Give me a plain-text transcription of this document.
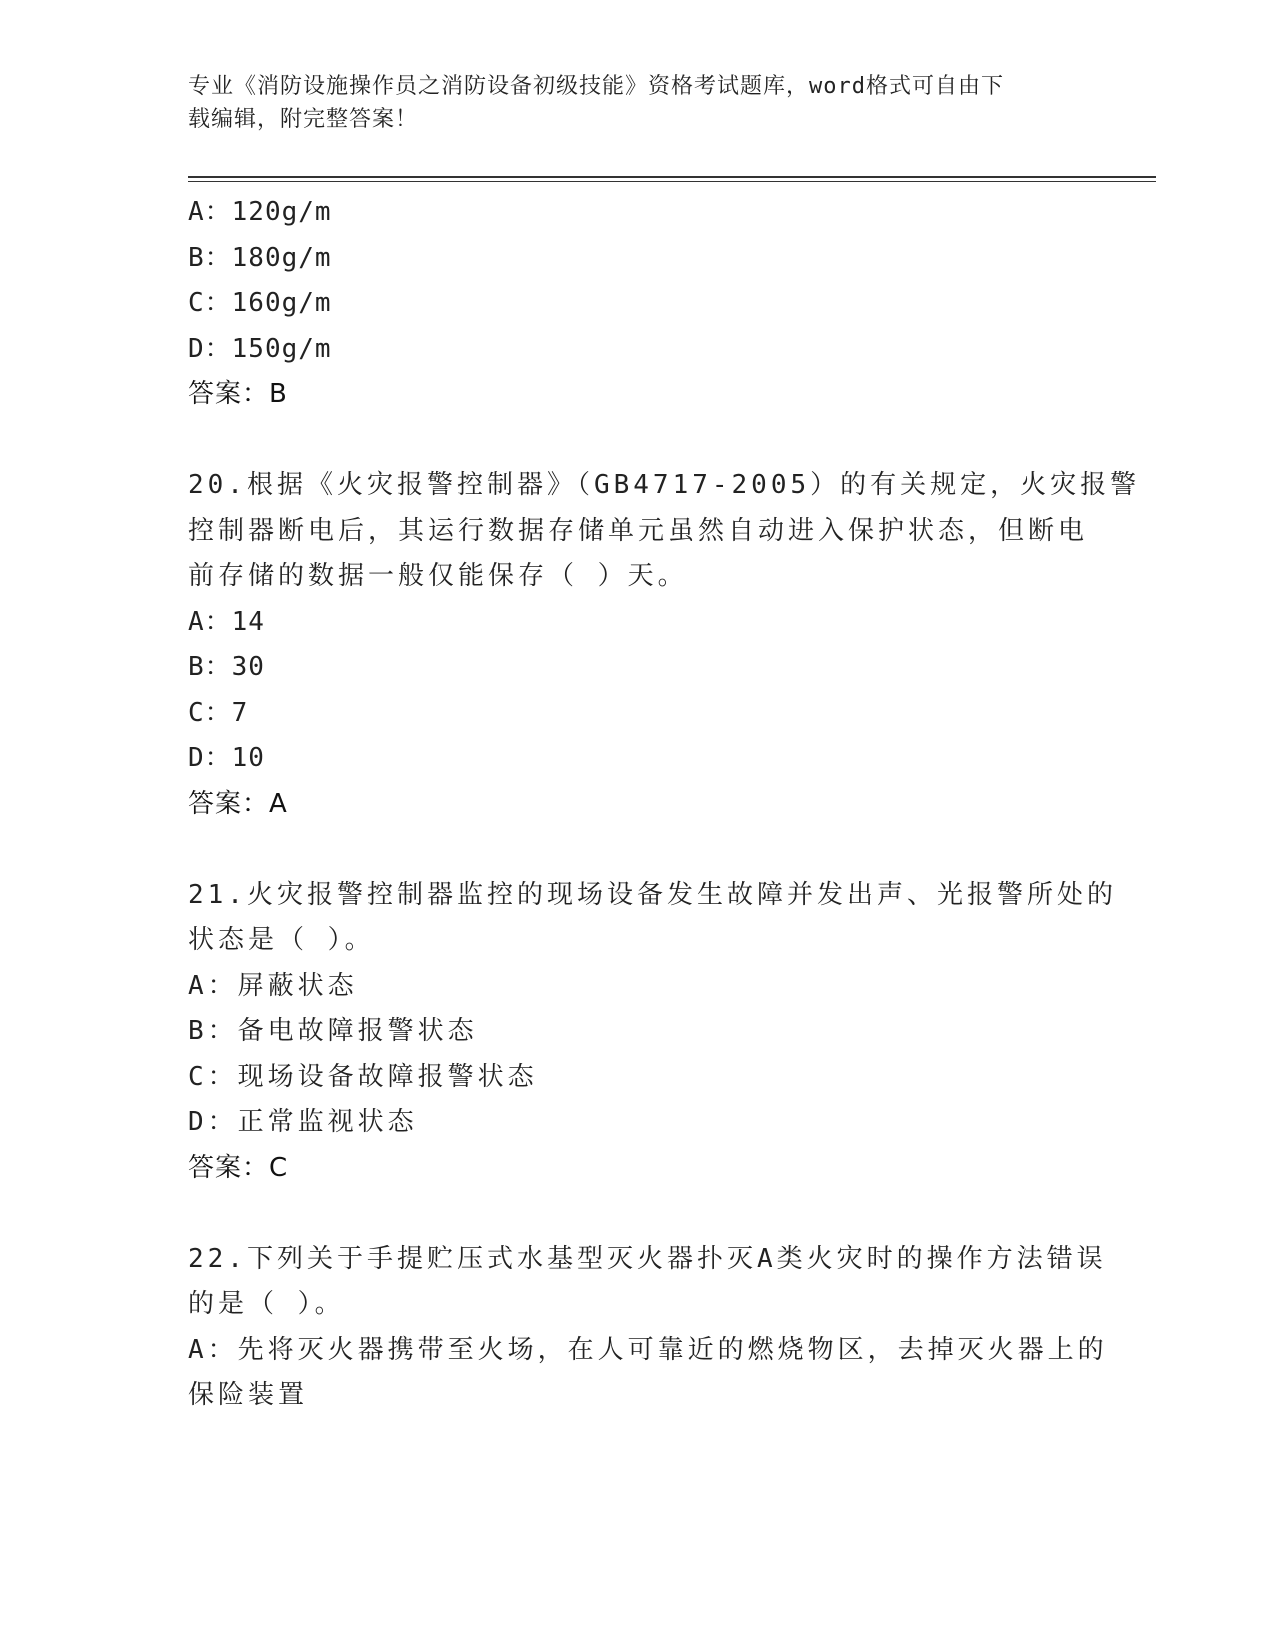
专业《消防设施操作员之消防设备初级技能》资格考试题库，word格式可自由下
载编辑，附完整答案！
A：120g/m
B：180g/m
C：160g/m
D：150g/m
答案：B
20.根据《火灾报警控制器》（GB4717-2005）的有关规定，火灾报警
控制器断电后，其运行数据存储单元虽然自动进入保护状态，但断电
前存储的数据一般仅能保存（ ）天。
A：14
B：30
C：7
D：10
答案：A
21.火灾报警控制器监控的现场设备发生故障并发出声、光报警所处的
状态是（ ）。
A：屏蔽状态
B：备电故障报警状态
C：现场设备故障报警状态
D：正常监视状态
答案：C
22.下列关于手提贮压式水基型灭火器扑灭A类火灾时的操作方法错误
的是（ ）。
A：先将灭火器携带至火场，在人可靠近的燃烧物区，去掉灭火器上的
保险装置
